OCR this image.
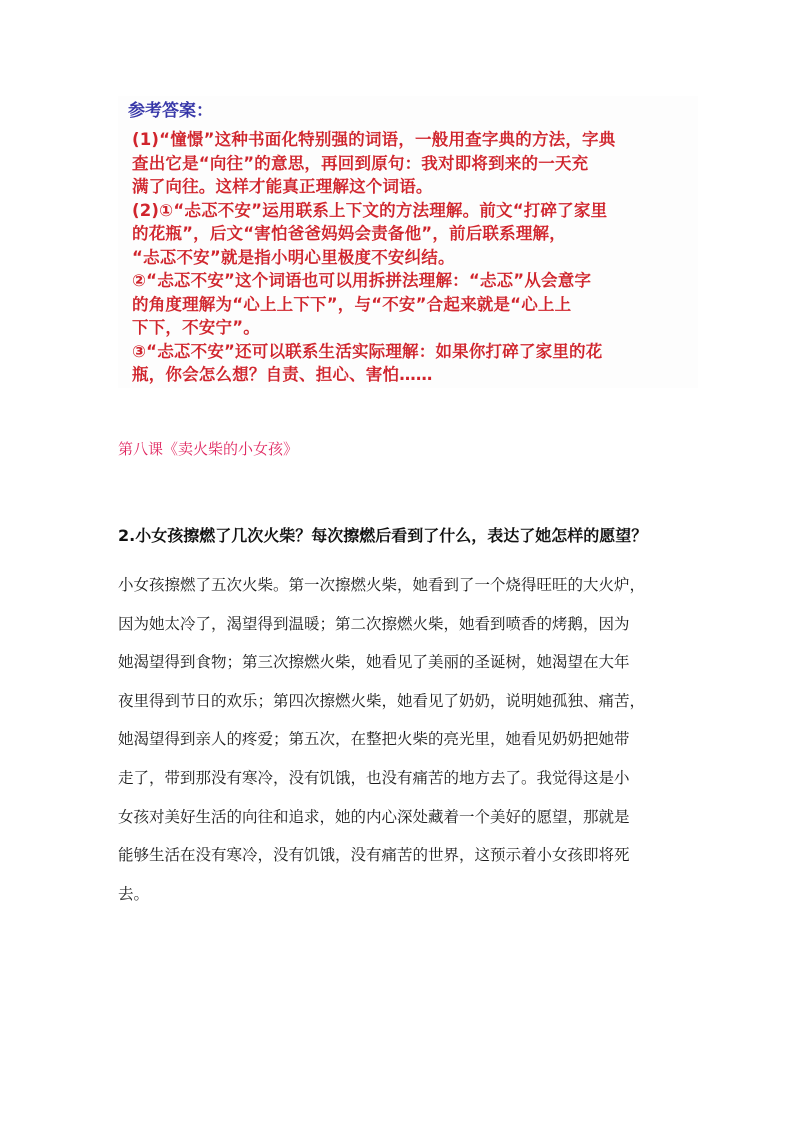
参考答案：
(1)“憧憬”这种书面化特别强的词语，一般用查字典的方法，字典
查出它是“向往”的意思，再回到原句：我对即将到来的一天充
满了向往。这样才能真正理解这个词语。
(2)①“忐忑不安”运用联系上下文的方法理解。前文“打碎了家里
的花瓶”，后文“害怕爸爸妈妈会责备他”，前后联系理解，
“忐忑不安”就是指小明心里极度不安纠结。
②“忐忑不安”这个词语也可以用拆拼法理解：“忐忑”从会意字
的角度理解为“心上上下下”，与“不安”合起来就是“心上上
下下，不安宁”。
③“忐忑不安”还可以联系生活实际理解：如果你打碎了家里的花
瓶，你会怎么想？自责、担心、害怕……
第八课《卖火柴的小女孩》
2.小女孩擦燃了几次火柴？每次擦燃后看到了什么，表达了她怎样的愿望？
小女孩擦燃了五次火柴。第一次擦燃火柴，她看到了一个烧得旺旺的大火炉，
因为她太冷了，渴望得到温暖；第二次擦燃火柴，她看到喷香的烤鹅，因为
她渴望得到食物；第三次擦燃火柴，她看见了美丽的圣诞树，她渴望在大年
夜里得到节日的欢乐；第四次擦燃火柴，她看见了奶奶，说明她孤独、痛苦，
她渴望得到亲人的疼爱；第五次，在整把火柴的亮光里，她看见奶奶把她带
走了，带到那没有寒冷，没有饥饿，也没有痛苦的地方去了。我觉得这是小
女孩对美好生活的向往和追求，她的内心深处藏着一个美好的愿望，那就是
能够生活在没有寒冷，没有饥饿，没有痛苦的世界，这预示着小女孩即将死
去。
